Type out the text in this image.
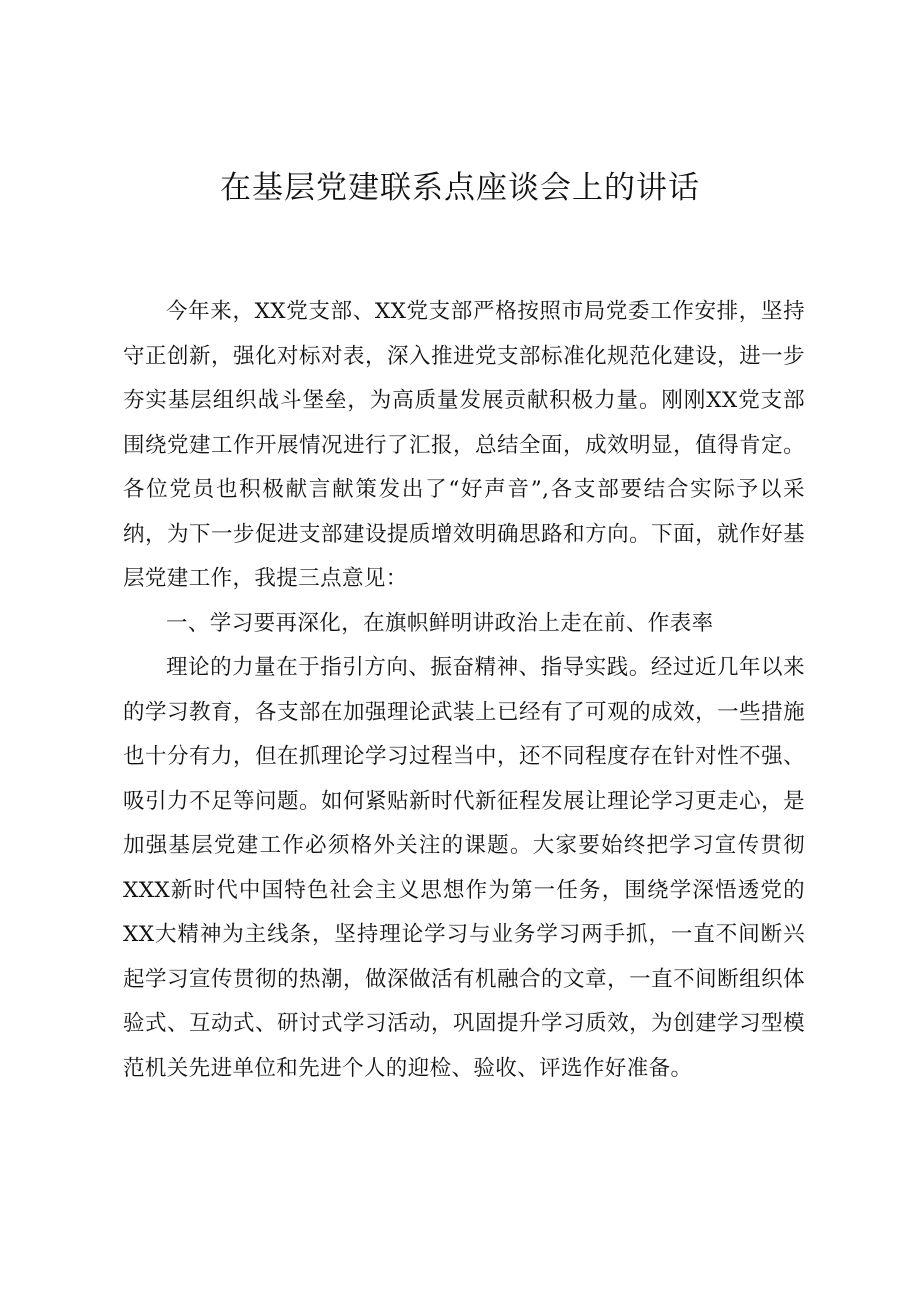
在基层党建联系点座谈会上的讲话

今年来，XX党支部、XX党支部严格按照市局党委工作安排，坚持守正创新，强化对标对表，深入推进党支部标准化规范化建设，进一步夯实基层组织战斗堡垒，为高质量发展贡献积极力量。刚刚XX党支部围绕党建工作开展情况进行了汇报，总结全面，成效明显，值得肯定。各位党员也积极献言献策发出了“好声音”,各支部要结合实际予以采纳，为下一步促进支部建设提质增效明确思路和方向。下面，就作好基层党建工作，我提三点意见：

一、学习要再深化，在旗帜鲜明讲政治上走在前、作表率

理论的力量在于指引方向、振奋精神、指导实践。经过近几年以来的学习教育，各支部在加强理论武装上已经有了可观的成效，一些措施也十分有力，但在抓理论学习过程当中，还不同程度存在针对性不强、吸引力不足等问题。如何紧贴新时代新征程发展让理论学习更走心，是加强基层党建工作必须格外关注的课题。大家要始终把学习宣传贯彻XXX新时代中国特色社会主义思想作为第一任务，围绕学深悟透党的XX大精神为主线条，坚持理论学习与业务学习两手抓，一直不间断兴起学习宣传贯彻的热潮，做深做活有机融合的文章，一直不间断组织体验式、互动式、研讨式学习活动，巩固提升学习质效，为创建学习型模范机关先进单位和先进个人的迎检、验收、评选作好准备。
